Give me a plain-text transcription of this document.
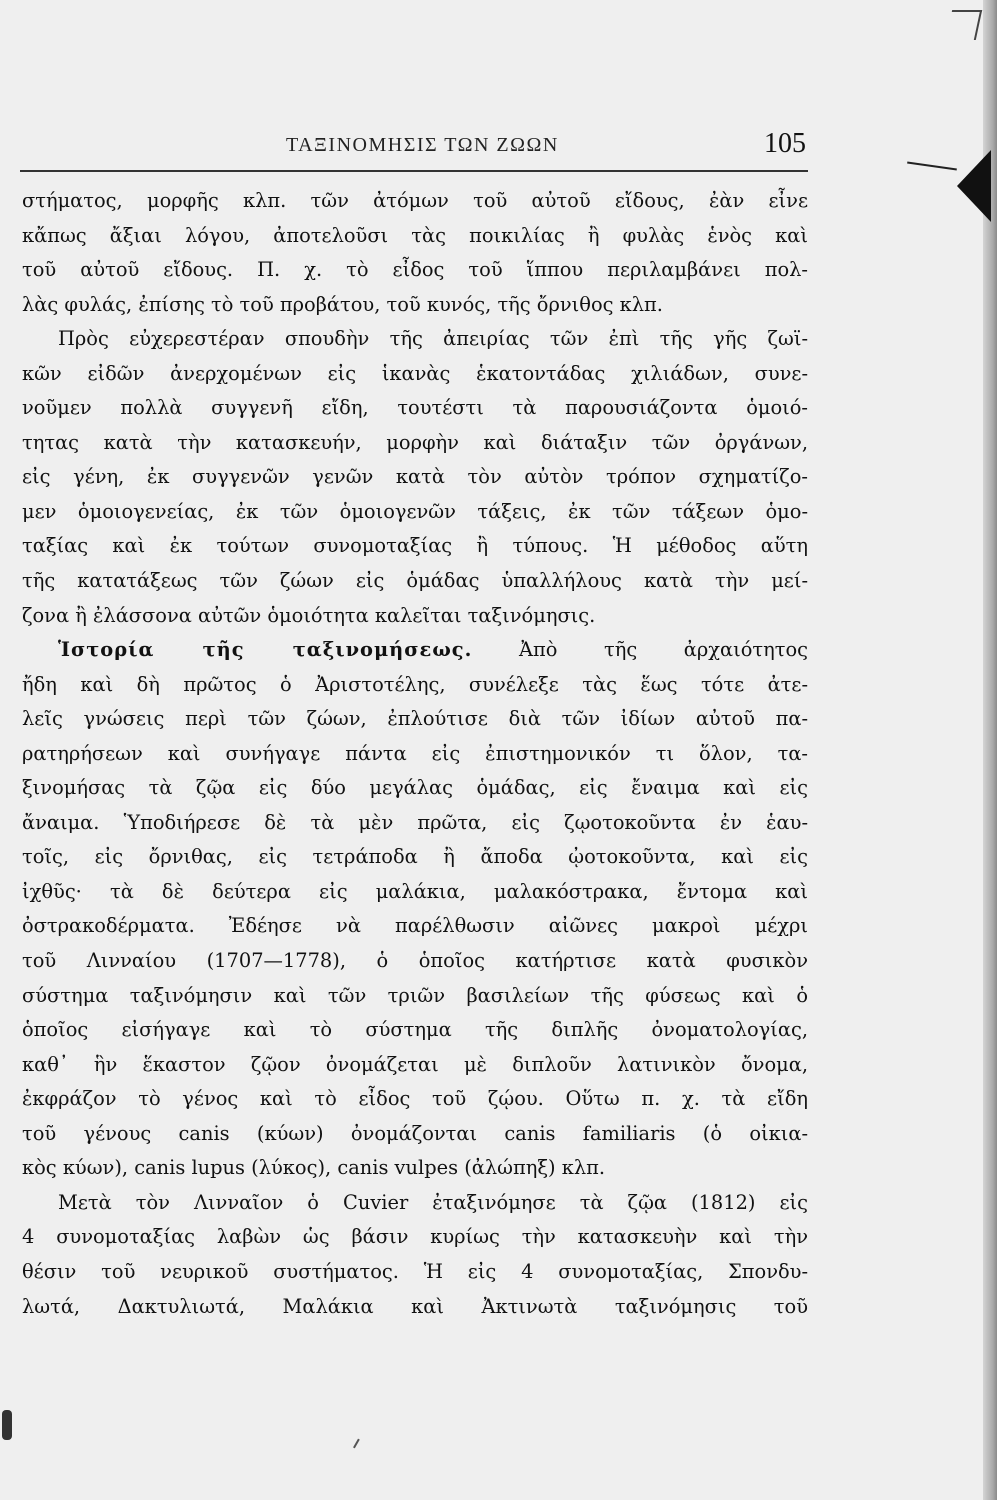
ΤΑΞΙΝΟΜΗΣΙΣ ΤΩΝ ΖΩΩΝ	105
στήματος, μορφῆς κλπ. τῶν ἀτόμων τοῦ αὐτοῦ εἴδους, ἐὰν εἶνε
κἄπως ἄξιαι λόγου, ἀποτελοῦσι τὰς ποικιλίας ἢ φυλὰς ἑνὸς καὶ
τοῦ αὐτοῦ εἴδους. Π. χ. τὸ εἶδος τοῦ ἵππου περιλαμβάνει πολ-
λὰς φυλάς, ἐπίσης τὸ τοῦ προβάτου, τοῦ κυνός, τῆς ὄρνιθος κλπ.
Πρὸς εὐχερεστέραν σπουδὴν τῆς ἀπειρίας τῶν ἐπὶ τῆς γῆς ζωϊ-
κῶν εἰδῶν ἀνερχομένων εἰς ἱκανὰς ἑκατοντάδας χιλιάδων, συνε-
νοῦμεν πολλὰ συγγενῆ εἴδη, τουτέστι τὰ παρουσιάζοντα ὁμοιό-
τητας κατὰ τὴν κατασκευήν, μορφὴν καὶ διάταξιν τῶν ὀργάνων,
εἰς γένη, ἐκ συγγενῶν γενῶν κατὰ τὸν αὐτὸν τρόπον σχηματίζο-
μεν ὁμοιογενείας, ἐκ τῶν ὁμοιογενῶν τάξεις, ἐκ τῶν τάξεων ὁμο-
ταξίας καὶ ἐκ τούτων συνομοταξίας ἢ τύπους. Ἡ μέθοδος αὕτη
τῆς κατατάξεως τῶν ζώων εἰς ὁμάδας ὑπαλλήλους κατὰ τὴν μεί-
ζονα ἢ ἐλάσσονα αὐτῶν ὁμοιότητα καλεῖται ταξινόμησις.
Ἱστορία τῆς ταξινομήσεως. Ἀπὸ τῆς ἀρχαιότητος
ἤδη καὶ δὴ πρῶτος ὁ Ἀριστοτέλης, συνέλεξε τὰς ἕως τότε ἀτε-
λεῖς γνώσεις περὶ τῶν ζώων, ἐπλούτισε διὰ τῶν ἰδίων αὐτοῦ πα-
ρατηρήσεων καὶ συνήγαγε πάντα εἰς ἐπιστημονικόν τι ὅλον, τα-
ξινομήσας τὰ ζῷα εἰς δύο μεγάλας ὁμάδας, εἰς ἔναιμα καὶ εἰς
ἄναιμα. Ὑποδιήρεσε δὲ τὰ μὲν πρῶτα, εἰς ζῳοτοκοῦντα ἐν ἑαυ-
τοῖς, εἰς ὄρνιθας, εἰς τετράποδα ἢ ἄποδα ᾠοτοκοῦντα, καὶ εἰς
ἰχθῦς· τὰ δὲ δεύτερα εἰς μαλάκια, μαλακόστρακα, ἔντομα καὶ
ὀστρακοδέρματα. Ἐδέησε νὰ παρέλθωσιν αἰῶνες μακροὶ μέχρι
τοῦ Λινναίου (1707—1778), ὁ ὁποῖος κατήρτισε κατὰ φυσικὸν
σύστημα ταξινόμησιν καὶ τῶν τριῶν βασιλείων τῆς φύσεως καὶ ὁ
ὁποῖος εἰσήγαγε καὶ τὸ σύστημα τῆς διπλῆς ὀνοματολογίας,
καθ᾽ ἣν ἕκαστον ζῷον ὀνομάζεται μὲ διπλοῦν λατινικὸν ὄνομα,
ἐκφράζον τὸ γένος καὶ τὸ εἶδος τοῦ ζῴου. Οὕτω π. χ. τὰ εἴδη
τοῦ γένους canis (κύων) ὀνομάζονται canis familiaris (ὁ οἰκια-
κὸς κύων), canis lupus (λύκος), canis vulpes (ἀλώπηξ) κλπ.
Μετὰ τὸν Λινναῖον ὁ Cuvier ἐταξινόμησε τὰ ζῷα (1812) εἰς
4 συνομοταξίας λαβὼν ὡς βάσιν κυρίως τὴν κατασκευὴν καὶ τὴν
θέσιν τοῦ νευρικοῦ συστήματος. Ἡ εἰς 4 συνομοταξίας, Σπονδυ-
λωτά, Δακτυλιωτά, Μαλάκια καὶ Ἀκτινωτὰ ταξινόμησις τοῦ
